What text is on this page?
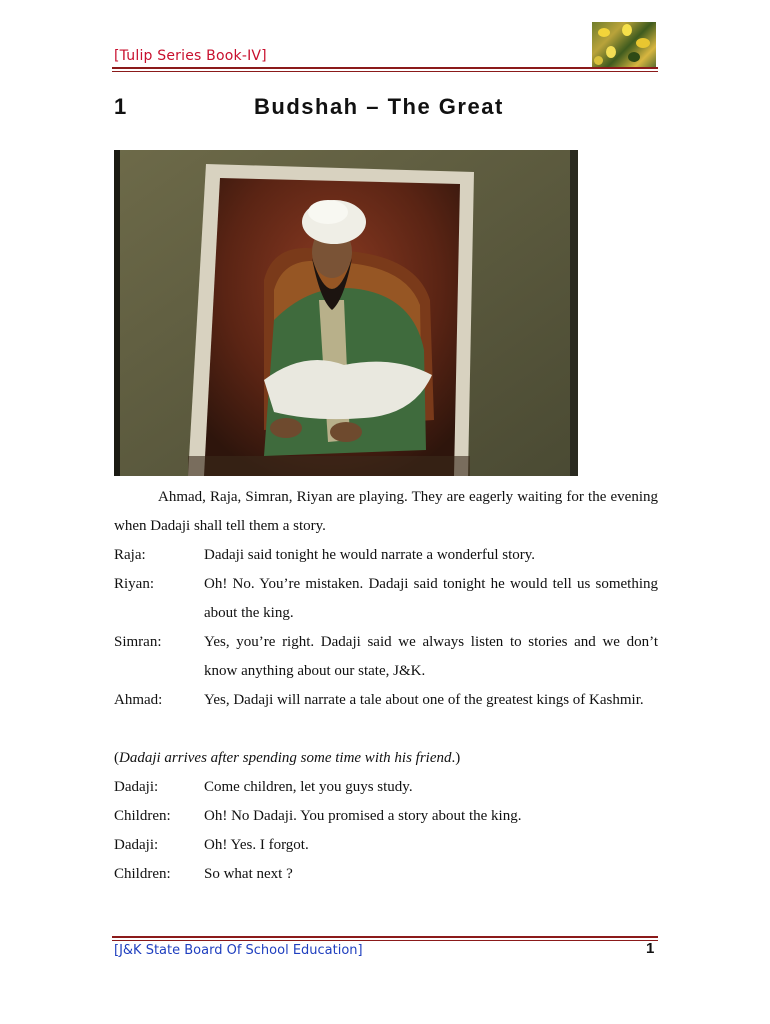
[Tulip Series Book-IV]
1	Budshah – The Great
Ahmad, Raja, Simran, Riyan are playing. They are eagerly waiting for the evening when Dadaji shall tell them a story.
Raja:	Dadaji said tonight he would narrate a wonderful story.
Riyan:	Oh! No. You’re mistaken. Dadaji said tonight he would tell us something about the king.
Simran:	Yes, you’re right. Dadaji said we always listen to stories and we don’t know anything about our state, J&K.
Ahmad:	Yes, Dadaji will narrate a tale about one of the greatest kings of Kashmir.
(Dadaji arrives after spending some time with his friend.)
Dadaji:	Come children, let you guys study.
Children: Oh! No Dadaji. You promised a story about the king.
Dadaji:	Oh! Yes. I forgot.
Children: So what next ?
[J&K State Board Of School Education]	1
